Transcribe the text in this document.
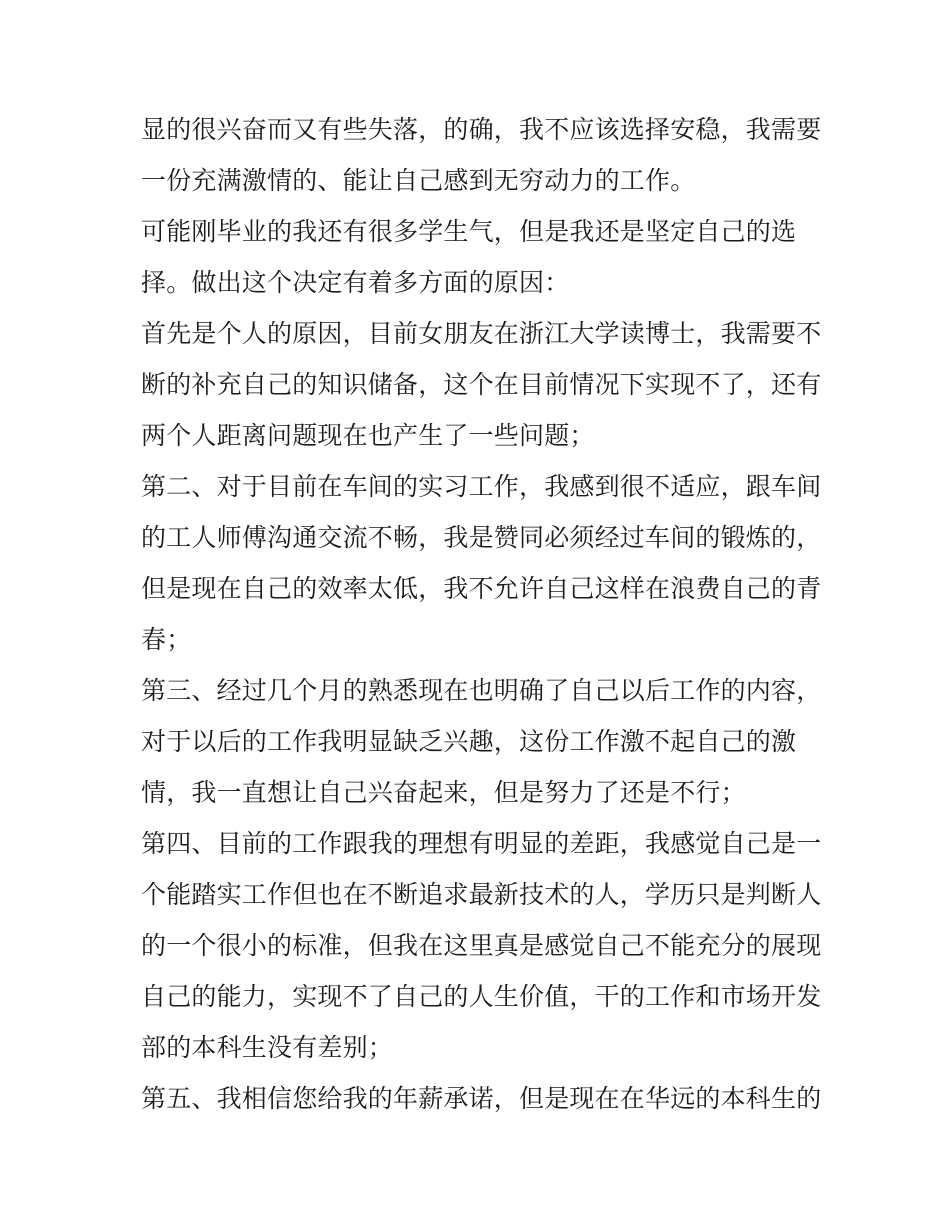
显的很兴奋而又有些失落，的确，我不应该选择安稳，我需要
一份充满激情的、能让自己感到无穷动力的工作。
可能刚毕业的我还有很多学生气，但是我还是坚定自己的选
择。做出这个决定有着多方面的原因：
首先是个人的原因，目前女朋友在浙江大学读博士，我需要不
断的补充自己的知识储备，这个在目前情况下实现不了，还有
两个人距离问题现在也产生了一些问题；
第二、对于目前在车间的实习工作，我感到很不适应，跟车间
的工人师傅沟通交流不畅，我是赞同必须经过车间的锻炼的，
但是现在自己的效率太低，我不允许自己这样在浪费自己的青
春；
第三、经过几个月的熟悉现在也明确了自己以后工作的内容，
对于以后的工作我明显缺乏兴趣，这份工作激不起自己的激
情，我一直想让自己兴奋起来，但是努力了还是不行；
第四、目前的工作跟我的理想有明显的差距，我感觉自己是一
个能踏实工作但也在不断追求最新技术的人，学历只是判断人
的一个很小的标准，但我在这里真是感觉自己不能充分的展现
自己的能力，实现不了自己的人生价值，干的工作和市场开发
部的本科生没有差别；
第五、我相信您给我的年薪承诺，但是现在在华远的本科生的
